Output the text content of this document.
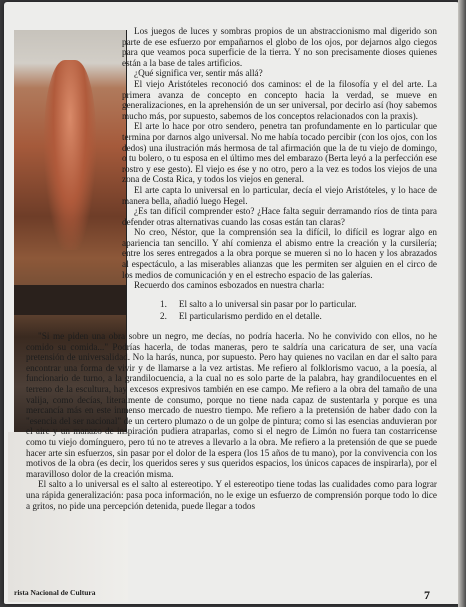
Los juegos de luces y sombras propios de un abstraccionismo mal digerido son parte de ese esfuerzo por empañarnos el globo de los ojos, por dejarnos algo ciegos para que veamos poca superficie de la tierra. Y no son precisamente dioses quienes están a la base de tales artificios.

¿Qué significa ver, sentir más allá?

El viejo Aristóteles reconoció dos caminos: el de la filosofía y el del arte. La primera avanza de concepto en concepto hacia la verdad, se mueve en generalizaciones, en la aprehensión de un ser universal, por decirlo así (hoy sabemos mucho más, por supuesto, sabemos de los conceptos relacionados con la praxis).

El arte lo hace por otro sendero, penetra tan profundamente en lo particular que termina por darnos algo universal. No me había tocado percibir (con los ojos, con los dedos) una ilustración más hermosa de tal afirmación que la de tu viejo de domingo, o tu bolero, o tu esposa en el último mes del embarazo (Berta leyó a la perfección ese rostro y ese gesto). El viejo es ése y no otro, pero a la vez es todos los viejos de una zona de Costa Rica, y todos los viejos en general.

El arte capta lo universal en lo particular, decía el viejo Aristóteles, y lo hace de manera bella, añadió luego Hegel.

¿Es tan difícil comprender esto? ¿Hace falta seguir derramando ríos de tinta para defender otras alternativas cuando las cosas están tan claras?

No creo, Néstor, que la comprensión sea la difícil, lo difícil es lograr algo en apariencia tan sencillo. Y ahí comienza el abismo entre la creación y la cursilería; entre los seres entregados a la obra porque se mueren si no lo hacen y los abrazados al espectáculo, a las miserables alianzas que les permiten ser alguien en el circo de los medios de comunicación y en el estrecho espacio de las galerías.

Recuerdo dos caminos esbozados en nuestra charla:

1. El salto a lo universal sin pasar por lo particular.
2. El particularismo perdido en el detalle.

"Si me piden una obra sobre un negro, me decías, no podría hacerla. No he convivido con ellos, no he comido su comida..." Podrías hacerla, de todas maneras, pero te saldría una caricatura de ser, una vacía pretensión de universalidad. No la harás, nunca, por supuesto. Pero hay quienes no vacilan en dar el salto para encontrar una forma de vivir y de llamarse a la vez artistas. Me refiero al folklorismo vacuo, a la poesía, al funcionario de turno, a la grandilocuencia, a la cual no es solo parte de la palabra, hay grandilocuentes en el terreno de la escultura, hay excesos expresivos también en ese campo. Me refiero a la obra del tamaño de una valija, como decías, literalmente de consumo, porque no tiene nada capaz de sustentarla y porque es una mercancía más en este inmenso mercado de nuestro tiempo. Me refiero a la pretensión de haber dado con la "esencia del ser nacional" de un certero plumazo o de un golpe de pintura; como si las esencias anduvieran por el aire y un manazo de inspiración pudiera atraparlas, como si el negro de Limón no fuera tan costarricense como tu viejo domínguero, pero tú no te atreves a llevarlo a la obra. Me refiero a la pretensión de que se puede hacer arte sin esfuerzos, sin pasar por el dolor de la espera (los 15 años de tu mano), por la convivencia con los motivos de la obra (es decir, los queridos seres y sus queridos espacios, los únicos capaces de inspirarla), por el maravilloso dolor de la creación misma.

El salto a lo universal es el salto al estereotipo. Y el estereotipo tiene todas las cualidades como para lograr una rápida generalización: pasa poca información, no le exige un esfuerzo de comprensión porque todo lo dice a gritos, no pide una percepción detenida, puede llegar a todos

rista Nacional de Cultura	7
